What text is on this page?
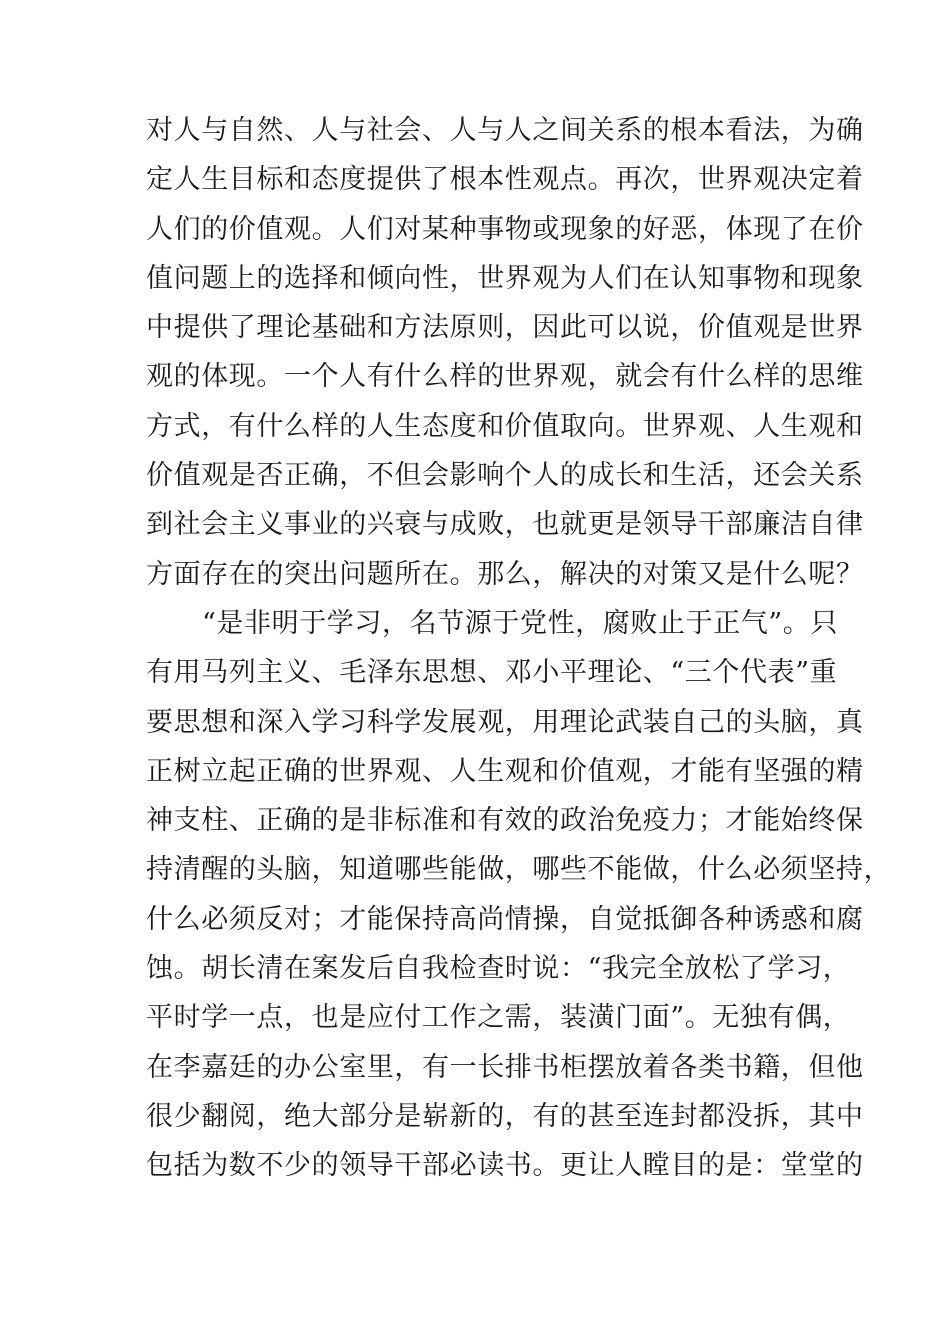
对人与自然、人与社会、人与人之间关系的根本看法，为确
定人生目标和态度提供了根本性观点。再次，世界观决定着
人们的价值观。人们对某种事物或现象的好恶，体现了在价
值问题上的选择和倾向性，世界观为人们在认知事物和现象
中提供了理论基础和方法原则，因此可以说，价值观是世界
观的体现。一个人有什么样的世界观，就会有什么样的思维
方式，有什么样的人生态度和价值取向。世界观、人生观和
价值观是否正确，不但会影响个人的成长和生活，还会关系
到社会主义事业的兴衰与成败，也就更是领导干部廉洁自律
方面存在的突出问题所在。那么，解决的对策又是什么呢？
“是非明于学习，名节源于党性，腐败止于正气”。只
有用马列主义、毛泽东思想、邓小平理论、“三个代表”重
要思想和深入学习科学发展观，用理论武装自己的头脑，真
正树立起正确的世界观、人生观和价值观，才能有坚强的精
神支柱、正确的是非标准和有效的政治免疫力；才能始终保
持清醒的头脑，知道哪些能做，哪些不能做，什么必须坚持，
什么必须反对；才能保持高尚情操，自觉抵御各种诱惑和腐
蚀。胡长清在案发后自我检查时说：“我完全放松了学习，
平时学一点，也是应付工作之需，装潢门面”。无独有偶，
在李嘉廷的办公室里，有一长排书柜摆放着各类书籍，但他
很少翻阅，绝大部分是崭新的，有的甚至连封都没拆，其中
包括为数不少的领导干部必读书。更让人瞠目的是：堂堂的
